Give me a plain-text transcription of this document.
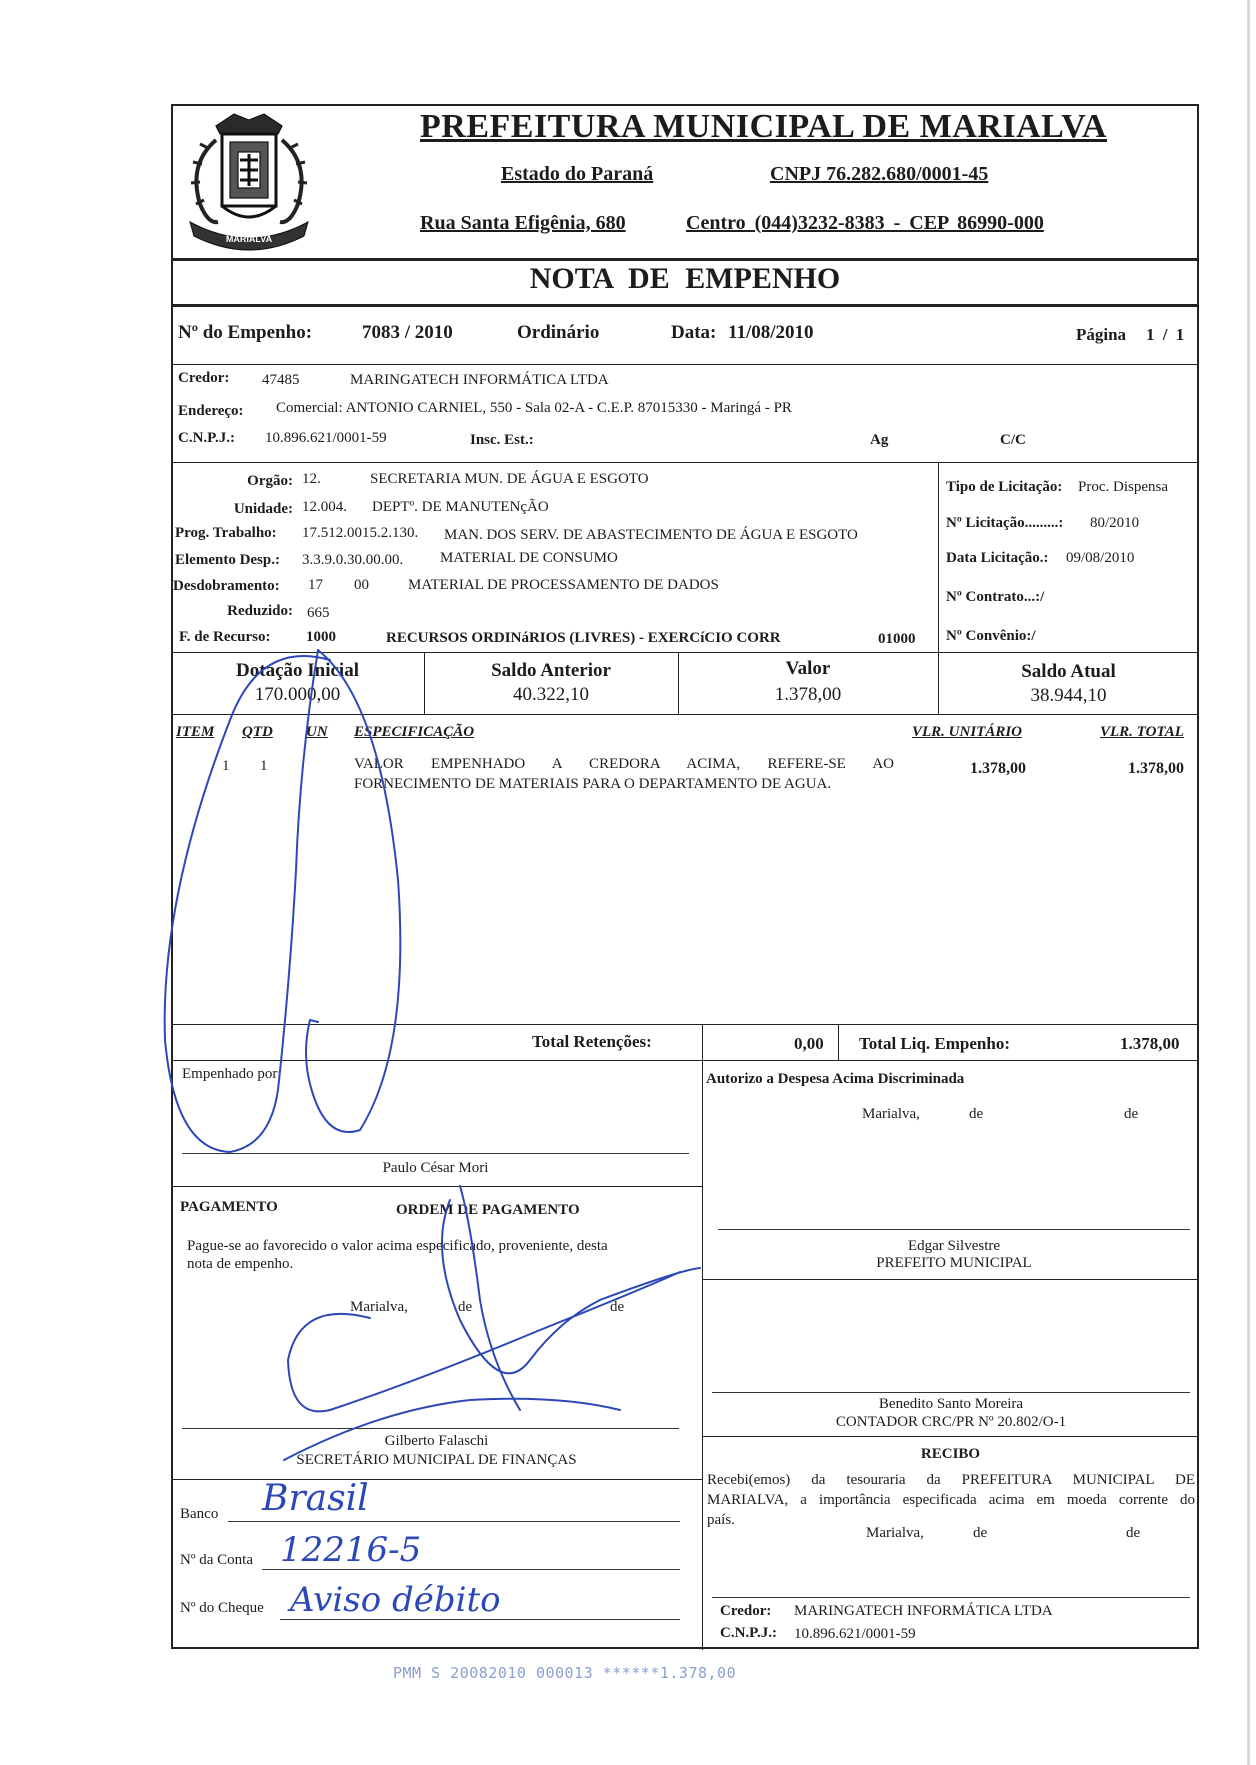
MARIALVA
PREFEITURA MUNICIPAL DE MARIALVA
Estado do Paraná	CNPJ 76.282.680/0001-45
Rua Santa Efigênia, 680	Centro (044)3232-8383 - CEP 86990-000
NOTA DE EMPENHO
Nº do Empenho:	7083 / 2010	Ordinário	Data: 11/08/2010	Página 1 / 1
Credor: 47485	MARINGATECH INFORMÁTICA LTDA
Endereço: Comercial: ANTONIO CARNIEL, 550 - Sala 02-A - C.E.P. 87015330 - Maringá - PR
C.N.P.J.: 10.896.621/0001-59	Insc. Est.:	Ag	C/C
Orgão: 12.	SECRETARIA MUN. DE ÁGUA E ESGOTO
Unidade: 12.004. DEPTº. DE MANUTENçÃO
Prog. Trabalho: 17.512.0015.2.130. MAN. DOS SERV. DE ABASTECIMENTO DE ÁGUA E ESGOTO
Elemento Desp.: 3.3.9.0.30.00.00. MATERIAL DE CONSUMO
Desdobramento: 17 00	MATERIAL DE PROCESSAMENTO DE DADOS
Reduzido: 665
F. de Recurso: 1000	RECURSOS ORDINáRIOS (LIVRES) - EXERCíCIO CORR	01000
Tipo de Licitação: Proc. Dispensa
Nº Licitação.........: 80/2010
Data Licitação.: 09/08/2010
Nº Contrato...:/
Nº Convênio:/
Dotação Inicial
170.000,00
Saldo Anterior
40.322,10
Valor
1.378,00
Saldo Atual
38.944,10
ITEM QTD UN ESPECIFICAÇÃO	VLR. UNITÁRIO	VLR. TOTAL
1 1	VALOR EMPENHADO A CREDORA ACIMA, REFERE-SE AO
FORNECIMENTO DE MATERIAIS PARA O DEPARTAMENTO DE AGUA.
1.378,00	1.378,00
Total Retenções:	0,00 Total Liq. Empenho:	1.378,00
Empenhado por:
Paulo César Mori
Autorizo a Despesa Acima Discriminada
Marialva,	de	de
Edgar Silvestre
PREFEITO MUNICIPAL
Benedito Santo Moreira
CONTADOR CRC/PR Nº 20.802/O-1
PAGAMENTO	ORDEM DE PAGAMENTO
Pague-se ao favorecido o valor acima especificado, proveniente, desta
nota de empenho.
Marialva,	de	de
Gilberto Falaschi
SECRETÁRIO MUNICIPAL DE FINANÇAS
Banco Brasil
Nº da Conta 12216-5
Nº do Cheque Aviso débito
RECIBO
Recebi(emos) da tesouraria da PREFEITURA MUNICIPAL DE
MARIALVA, a importância especificada acima em moeda corrente do
país.
Marialva,	de	de
Credor: MARINGATECH INFORMÁTICA LTDA
C.N.P.J.: 10.896.621/0001-59
PMM S 20082010 000013 ******1.378,00
